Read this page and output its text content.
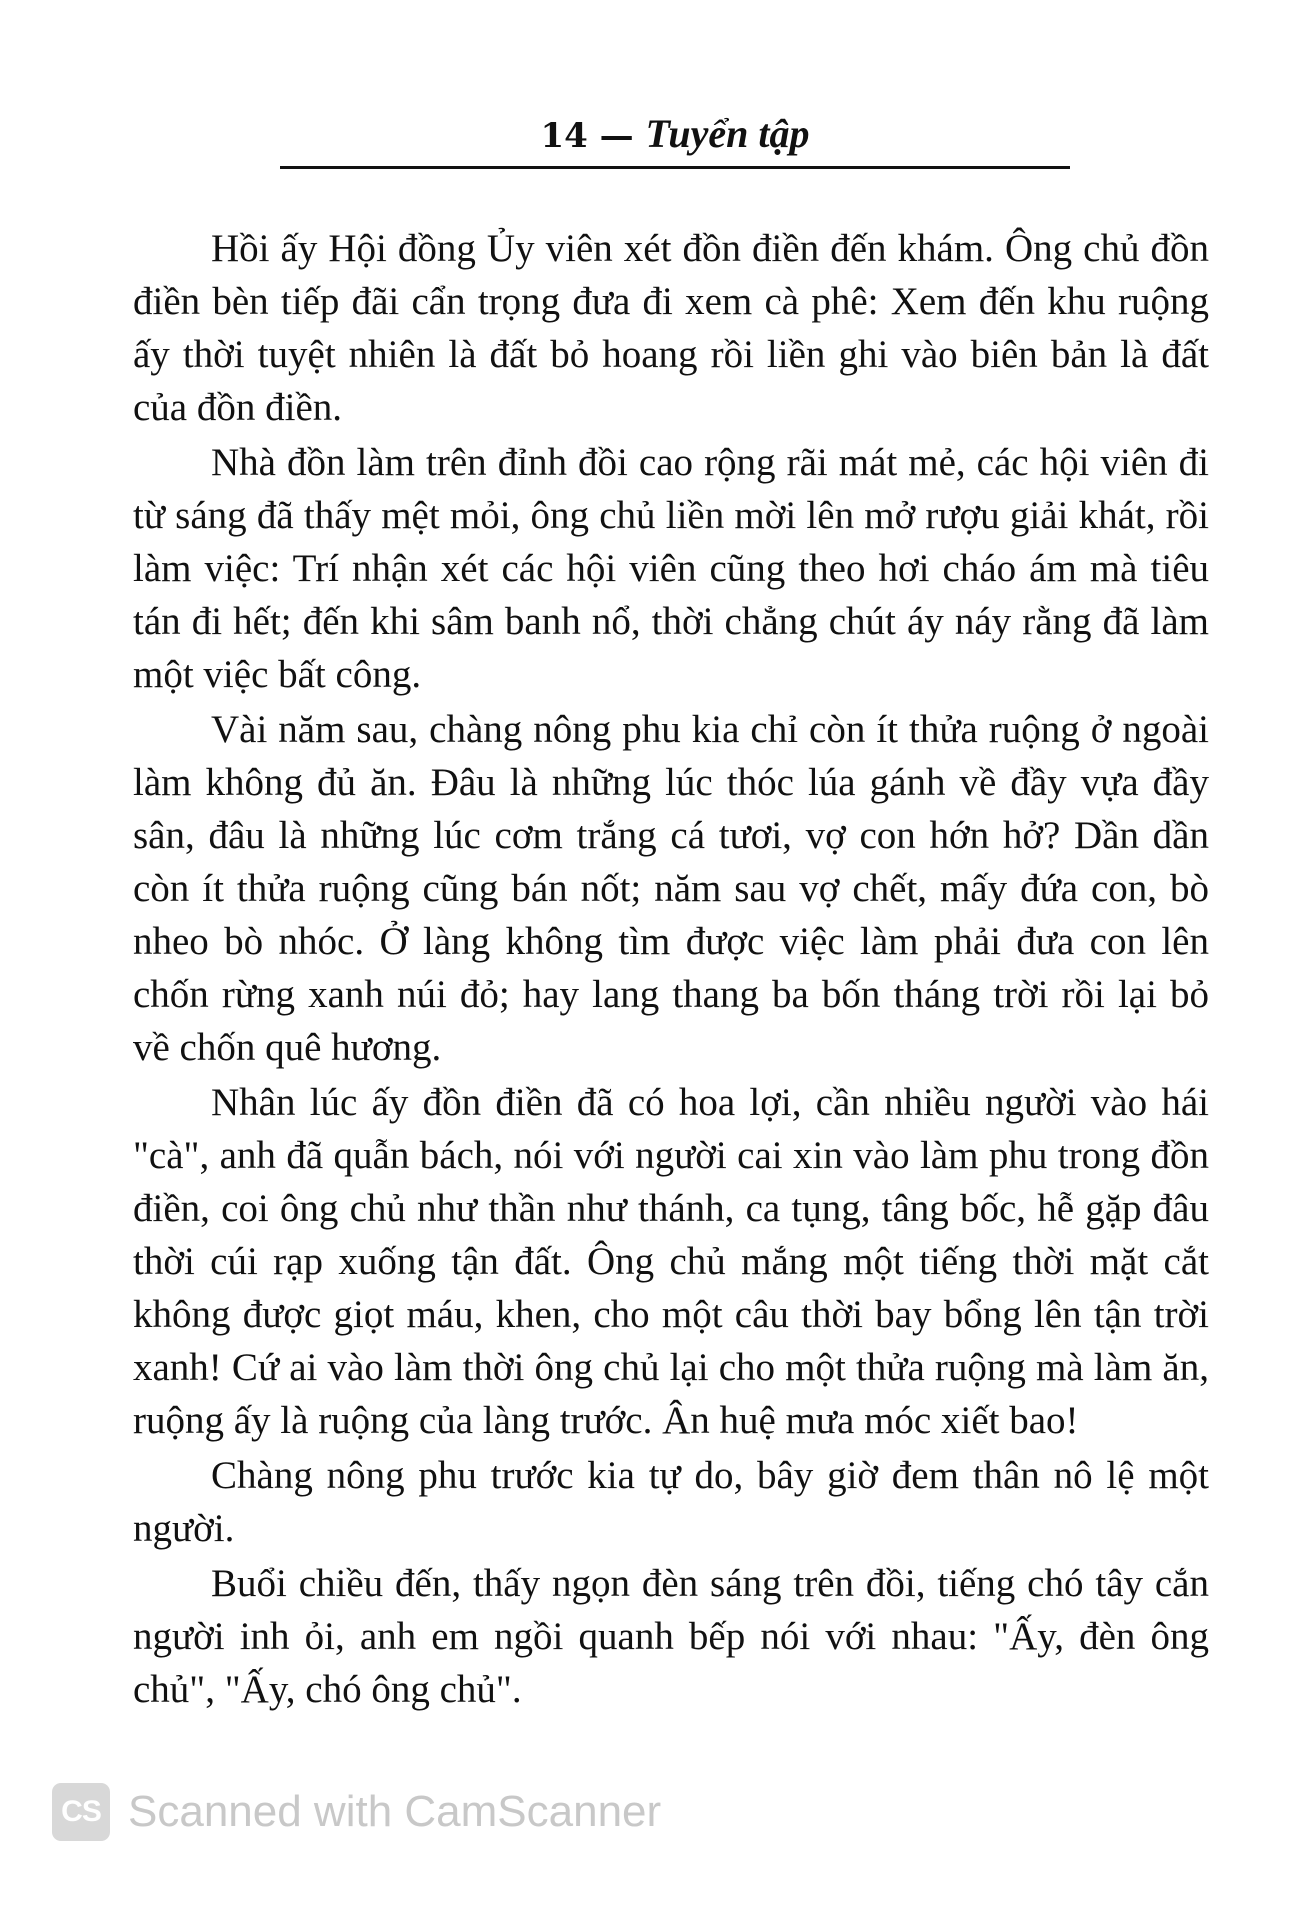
14 — Tuyển tập

Hồi ấy Hội đồng Ủy viên xét đồn điền đến khám. Ông chủ đồn điền bèn tiếp đãi cẩn trọng đưa đi xem cà phê: Xem đến khu ruộng ấy thời tuyệt nhiên là đất bỏ hoang rồi liền ghi vào biên bản là đất của đồn điền.

Nhà đồn làm trên đỉnh đồi cao rộng rãi mát mẻ, các hội viên đi từ sáng đã thấy mệt mỏi, ông chủ liền mời lên mở rượu giải khát, rồi làm việc: Trí nhận xét các hội viên cũng theo hơi cháo ám mà tiêu tán đi hết; đến khi sâm banh nổ, thời chẳng chút áy náy rằng đã làm một việc bất công.

Vài năm sau, chàng nông phu kia chỉ còn ít thửa ruộng ở ngoài làm không đủ ăn. Đâu là những lúc thóc lúa gánh về đầy vựa đầy sân, đâu là những lúc cơm trắng cá tươi, vợ con hớn hở? Dần dần còn ít thửa ruộng cũng bán nốt; năm sau vợ chết, mấy đứa con, bò nheo bò nhóc. Ở làng không tìm được việc làm phải đưa con lên chốn rừng xanh núi đỏ; hay lang thang ba bốn tháng trời rồi lại bỏ về chốn quê hương.

Nhân lúc ấy đồn điền đã có hoa lợi, cần nhiều người vào hái "cà", anh đã quẫn bách, nói với người cai xin vào làm phu trong đồn điền, coi ông chủ như thần như thánh, ca tụng, tâng bốc, hễ gặp đâu thời cúi rạp xuống tận đất. Ông chủ mắng một tiếng thời mặt cắt không được giọt máu, khen, cho một câu thời bay bổng lên tận trời xanh! Cứ ai vào làm thời ông chủ lại cho một thửa ruộng mà làm ăn, ruộng ấy là ruộng của làng trước. Ân huệ mưa móc xiết bao!

Chàng nông phu trước kia tự do, bây giờ đem thân nô lệ một người.

Buổi chiều đến, thấy ngọn đèn sáng trên đồi, tiếng chó tây cắn người inh ỏi, anh em ngồi quanh bếp nói với nhau: "Ấy, đèn ông chủ", "Ấy, chó ông chủ".

CS Scanned with CamScanner
